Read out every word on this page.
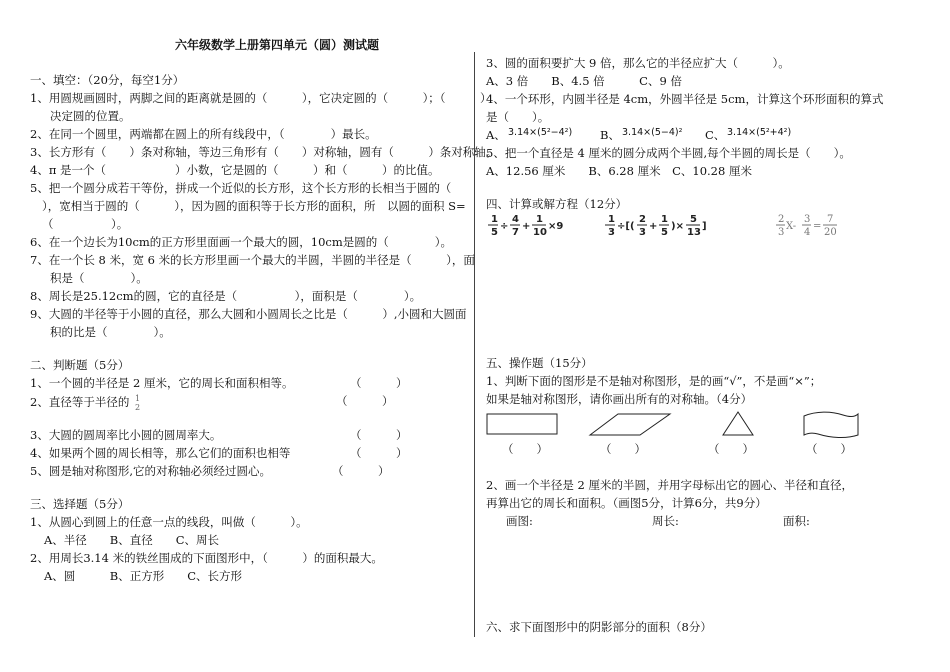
六年级数学上册第四单元（圆）测试题
一、填空：（20分，每空1分）
1、用圆规画圆时，两脚之间的距离就是圆的（　　　），它决定圆的（　　　）；（　　　）
决定圆的位置。
2、在同一个圆里，两端都在圆上的所有线段中，（　　　　）最长。
3、长方形有（　　）条对称轴，等边三角形有（　　）对称轴，圆有（　　　）条对称轴。
4、π 是一个（　　　　　　）小数，它是圆的（　　　）和（　　　）的比值。
5、把一个圆分成若干等份，拼成一个近似的长方形，这个长方形的长相当于圆的（
），宽相当于圆的（　　　），因为圆的面积等于长方形的面积，所　以圆的面积 S=
（　　　　　）。
6、在一个边长为10cm的正方形里面画一个最大的圆，10cm是圆的（　　　　）。
7、在一个长 8 米，宽 6 米的长方形里画一个最大的半圆，半圆的半径是（　　　），面
积是（　　　　）。
8、周长是25.12cm的圆，它的直径是（　　　　　），面积是（　　　　）。
9、大圆的半径等于小圆的直径，那么大圆和小圆周长之比是（　　　）,小圆和大圆面
积的比是（　　　　）。
二、判断题（5分）
1、一个圆的半径是 2 厘米，它的周长和面积相等。	（　　　）
2、直径等于半径的 1
2	（　　　）
3、大圆的圆周率比小圆的圆周率大。	（　　　）
4、如果两个圆的周长相等，那么它们的面积也相等	（　　　）
5、圆是轴对称图形,它的对称轴必须经过圆心。	（　　　）
三、选择题（5分）
1、从圆心到圆上的任意一点的线段，叫做（　　　）。
A、半径　　B、直径　　C、周长
2、用周长3.14 米的铁丝围成的下面图形中，（　　　）的面积最大。
A、圆　　　B、正方形　　C、长方形
3、圆的面积要扩大 9 倍，那么它的半径应扩大（　　　）。
A、3 倍　　B、4.5 倍　　　C、9 倍
4、一个环形，内圆半径是 4cm，外圆半径是 5cm，计算这个环形面积的算式
是（　　）。
A、 3.14×(5²−4²) B、 3.14×(5−4)² C、 3.14×(5²+4²)
5、把一个直径是 4 厘米的圆分成两个半圆,每个半圆的周长是（　　）。
A、12.56 厘米　　B、6.28 厘米　C、10.28 厘米
四、计算或解方程（12分）
1
5
÷
4
7
+
1
10
×9
1
3
÷[(
2
3
+
1
5
)×
5
13
]
2
3
X-
3
4
=
7
20
五、操作题（15分）
1、判断下面的图形是不是轴对称图形，是的画“√”，不是画“×”；
如果是轴对称图形，请你画出所有的对称轴。（4分）
（　　）	（　　）	（　　）	（　　）
2、画一个半径是 2 厘米的半圆，并用字母标出它的圆心、半径和直径，
再算出它的周长和面积。（画图5分，计算6分，共9分）
画图:	周长:	面积:
六、求下面图形中的阴影部分的面积（8分）
